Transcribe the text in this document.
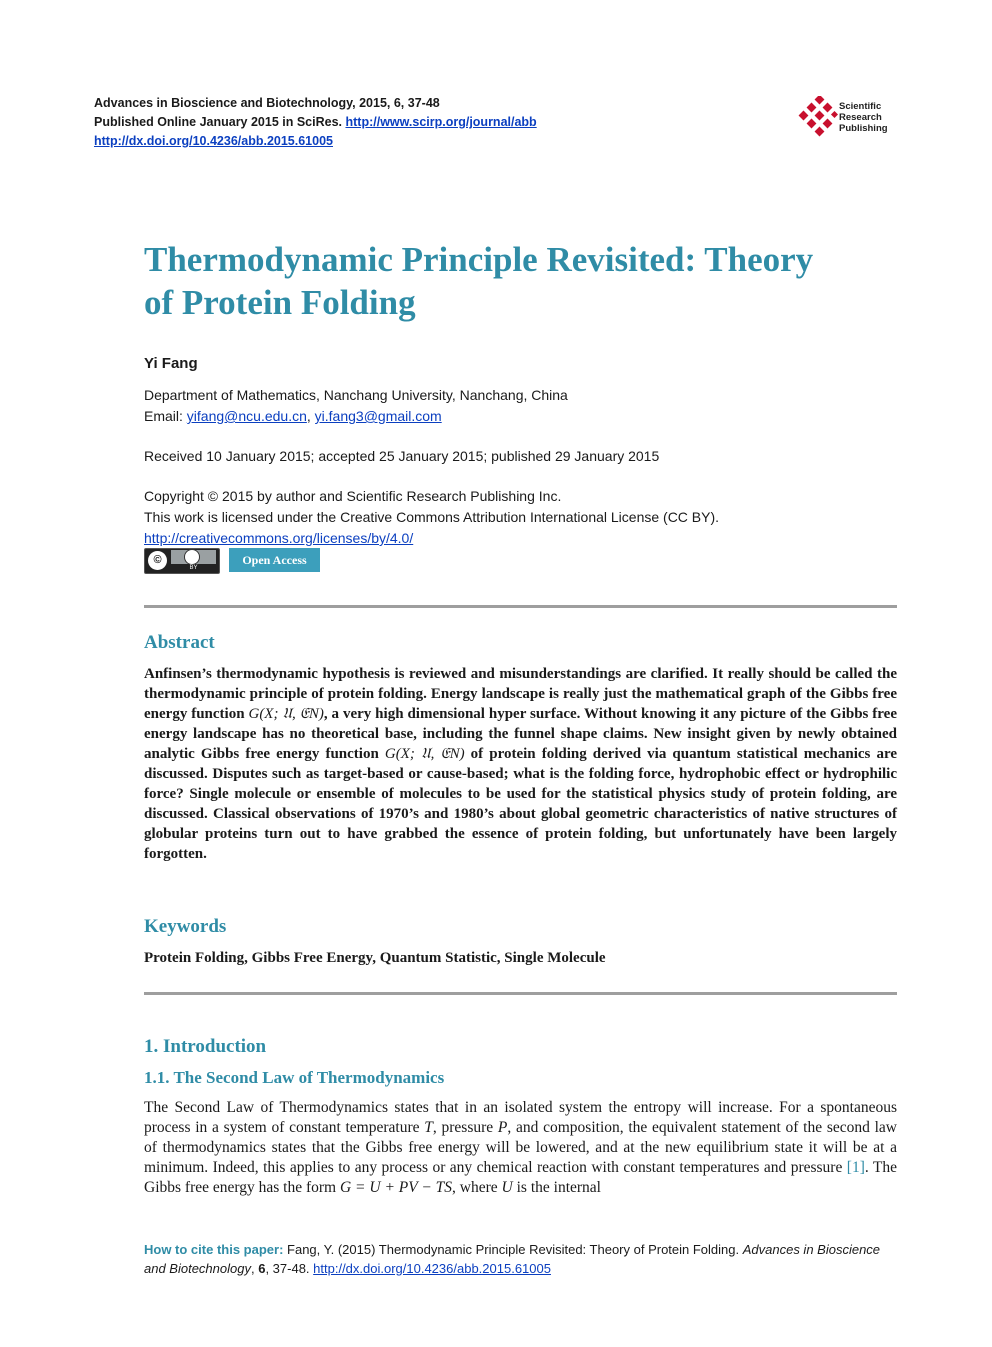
Advances in Bioscience and Biotechnology, 2015, 6, 37-48
Published Online January 2015 in SciRes. http://www.scirp.org/journal/abb
http://dx.doi.org/10.4236/abb.2015.61005
Scientific
Research
Publishing
Thermodynamic Principle Revisited: Theory
of Protein Folding
Yi Fang
Department of Mathematics, Nanchang University, Nanchang, China
Email: yifang@ncu.edu.cn, yi.fang3@gmail.com
Received 10 January 2015; accepted 25 January 2015; published 29 January 2015
Copyright © 2015 by author and Scientific Research Publishing Inc.
This work is licensed under the Creative Commons Attribution International License (CC BY).
http://creativecommons.org/licenses/by/4.0/
©
BY
Open Access
Abstract

Anfinsen’s thermodynamic hypothesis is reviewed and misunderstandings are clarified. It really should be called the thermodynamic principle of protein folding. Energy landscape is really just the mathematical graph of the Gibbs free energy function G(X; 𝔘, 𝔈N), a very high dimensional hyper surface. Without knowing it any picture of the Gibbs free energy landscape has no theoretical base, including the funnel shape claims. New insight given by newly obtained analytic Gibbs free energy function G(X; 𝔘, 𝔈N) of protein folding derived via quantum statistical mechanics are discussed. Disputes such as target-based or cause-based; what is the folding force, hydrophobic effect or hydrophilic force? Single molecule or ensemble of molecules to be used for the statistical physics study of protein folding, are discussed. Classical observations of 1970’s and 1980’s about global geometric characteristics of native structures of globular proteins turn out to have grabbed the essence of protein folding, but unfortunately have been largely forgotten.

Keywords
Protein Folding, Gibbs Free Energy, Quantum Statistic, Single Molecule
1. Introduction
1.1. The Second Law of Thermodynamics

The Second Law of Thermodynamics states that in an isolated system the entropy will increase. For a spontaneous process in a system of constant temperature T, pressure P, and composition, the equivalent statement of the second law of thermodynamics states that the Gibbs free energy will be lowered, and at the new equilibrium state it will be at a minimum. Indeed, this applies to any process or any chemical reaction with constant temperatures and pressure [1]. The Gibbs free energy has the form G = U + PV − TS, where U is the internal

How to cite this paper: Fang, Y. (2015) Thermodynamic Principle Revisited: Theory of Protein Folding. Advances in Bioscience and Biotechnology, 6, 37-48. http://dx.doi.org/10.4236/abb.2015.61005
